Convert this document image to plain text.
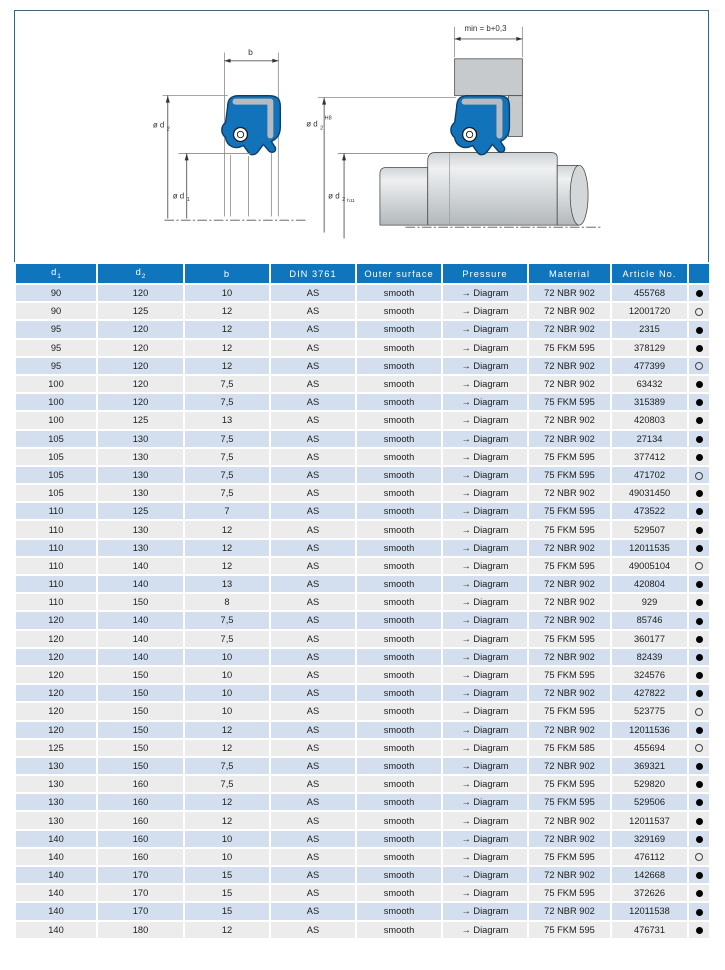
b
ø d 2
ø d 1
min = b+0,3
ø d 2
H8
ø d 2 h11
$d_1$	$d_2$	b	DIN 3761	Outer surface	Pressure	Material	Article No.	
90	120	10	AS	smooth	→ Diagram	72 NBR 902	455768	
90	125	12	AS	smooth	→ Diagram	72 NBR 902	12001720	
95	120	12	AS	smooth	→ Diagram	72 NBR 902	2315	
95	120	12	AS	smooth	→ Diagram	75 FKM 595	378129	
95	120	12	AS	smooth	→ Diagram	72 NBR 902	477399	
100	120	7,5	AS	smooth	→ Diagram	72 NBR 902	63432	
100	120	7,5	AS	smooth	→ Diagram	75 FKM 595	315389	
100	125	13	AS	smooth	→ Diagram	72 NBR 902	420803	
105	130	7,5	AS	smooth	→ Diagram	72 NBR 902	27134	
105	130	7,5	AS	smooth	→ Diagram	75 FKM 595	377412	
105	130	7,5	AS	smooth	→ Diagram	75 FKM 595	471702	
105	130	7,5	AS	smooth	→ Diagram	72 NBR 902	49031450	
110	125	7	AS	smooth	→ Diagram	75 FKM 595	473522	
110	130	12	AS	smooth	→ Diagram	75 FKM 595	529507	
110	130	12	AS	smooth	→ Diagram	72 NBR 902	12011535	
110	140	12	AS	smooth	→ Diagram	75 FKM 595	49005104	
110	140	13	AS	smooth	→ Diagram	72 NBR 902	420804	
110	150	8	AS	smooth	→ Diagram	72 NBR 902	929	
120	140	7,5	AS	smooth	→ Diagram	72 NBR 902	85746	
120	140	7,5	AS	smooth	→ Diagram	75 FKM 595	360177	
120	140	10	AS	smooth	→ Diagram	72 NBR 902	82439	
120	150	10	AS	smooth	→ Diagram	75 FKM 595	324576	
120	150	10	AS	smooth	→ Diagram	72 NBR 902	427822	
120	150	10	AS	smooth	→ Diagram	75 FKM 595	523775	
120	150	12	AS	smooth	→ Diagram	72 NBR 902	12011536	
125	150	12	AS	smooth	→ Diagram	75 FKM 585	455694	
130	150	7,5	AS	smooth	→ Diagram	72 NBR 902	369321	
130	160	7,5	AS	smooth	→ Diagram	75 FKM 595	529820	
130	160	12	AS	smooth	→ Diagram	75 FKM 595	529506	
130	160	12	AS	smooth	→ Diagram	72 NBR 902	12011537	
140	160	10	AS	smooth	→ Diagram	72 NBR 902	329169	
140	160	10	AS	smooth	→ Diagram	75 FKM 595	476112	
140	170	15	AS	smooth	→ Diagram	72 NBR 902	142668	
140	170	15	AS	smooth	→ Diagram	75 FKM 595	372626	
140	170	15	AS	smooth	→ Diagram	72 NBR 902	12011538	
140	180	12	AS	smooth	→ Diagram	75 FKM 595	476731	
